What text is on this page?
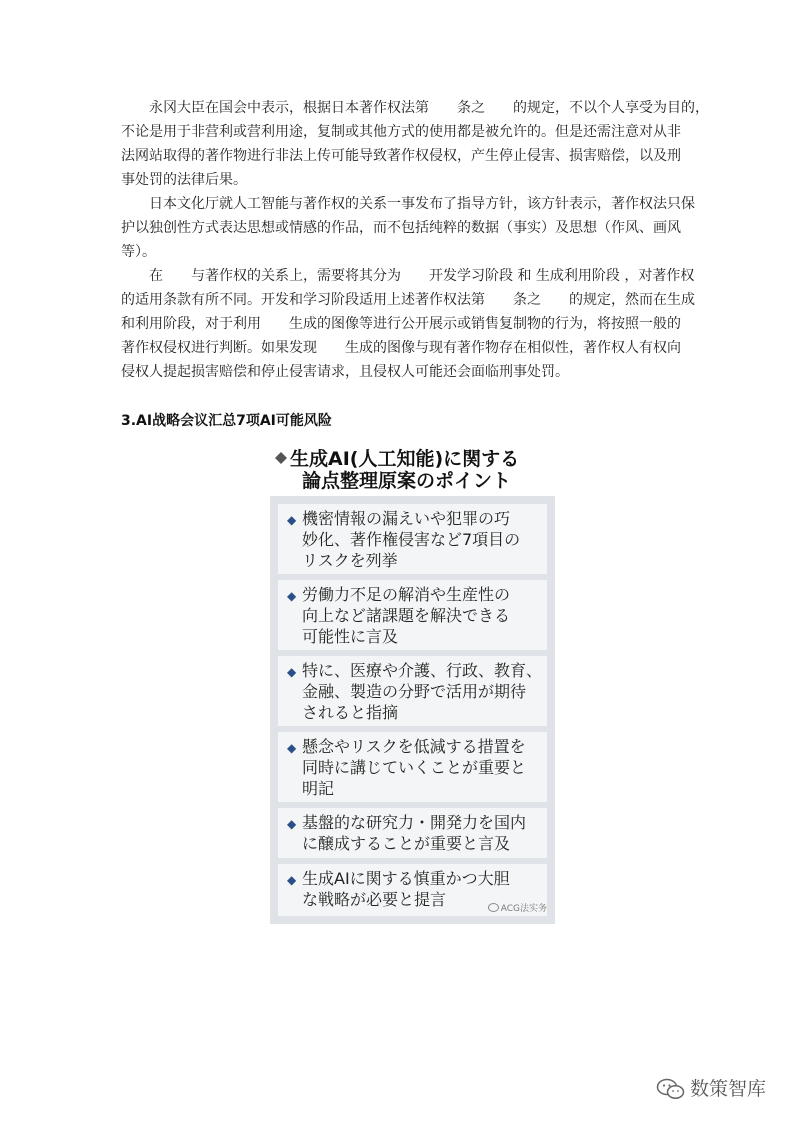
永冈大臣在国会中表示，根据日本著作权法第　　条之　　的规定，不以个人享受为目的，
不论是用于非营利或营利用途，复制或其他方式的使用都是被允许的。但是还需注意对从非
法网站取得的著作物进行非法上传可能导致著作权侵权，产生停止侵害、损害赔偿，以及刑
事处罚的法律后果。
日本文化厅就人工智能与著作权的关系一事发布了指导方针，该方针表示，著作权法只保
护以独创性方式表达思想或情感的作品，而不包括纯粹的数据（事实）及思想（作风、画风
等）。
在　　与著作权的关系上，需要将其分为　　开发学习阶段 和 生成利用阶段 ，对著作权
的适用条款有所不同。开发和学习阶段适用上述著作权法第　　条之　　的规定，然而在生成
和利用阶段，对于利用　　生成的图像等进行公开展示或销售复制物的行为，将按照一般的
著作权侵权进行判断。如果发现　　生成的图像与现有著作物存在相似性，著作权人有权向
侵权人提起损害赔偿和停止侵害请求，且侵权人可能还会面临刑事处罚。
3.AI战略会议汇总7项AI可能风险
生成AI(人工知能)に関する
論点整理原案のポイント
◆ 機密情報の漏えいや犯罪の巧
妙化、著作権侵害など7項目の
リスクを列挙
◆ 労働力不足の解消や生産性の
向上など諸課題を解決できる
可能性に言及
◆ 特に、医療や介護、行政、教育、
金融、製造の分野で活用が期待
されると指摘
◆ 懸念やリスクを低減する措置を
同時に講じていくことが重要と
明記
◆ 基盤的な研究力・開発力を国内
に醸成することが重要と言及
◆ 生成AIに関する慎重かつ大胆
な戦略が必要と提言	ACG法实务
数策智库
